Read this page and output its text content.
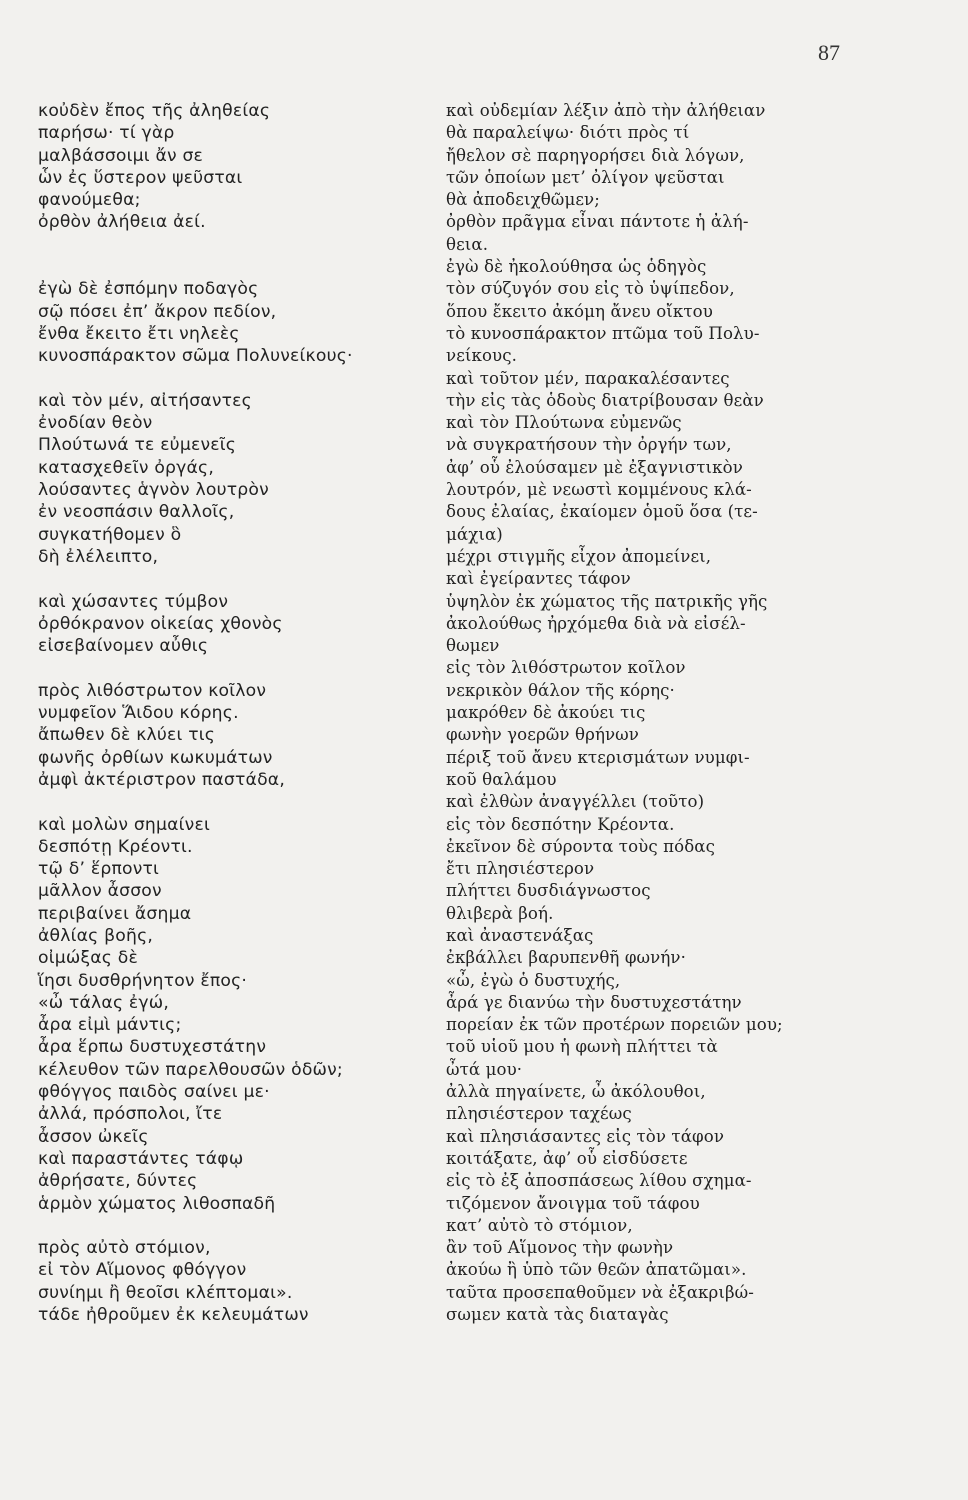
87
κοὐδὲν ἔπος τῆς ἀληθείας
παρήσω· τί γὰρ
μαλβάσσοιμι ἄν σε
ὧν ἐς ὕστερον ψεῦσται
φανούμεθα;
ὀρθὸν ἀλήθεια ἀεί.
ἐγὼ δὲ ἐσπόμην ποδαγὸς
σῷ πόσει ἐπ’ ἄκρον πεδίον,
ἔνθα ἔκειτο ἔτι νηλεὲς
κυνοσπάρακτον σῶμα Πολυνείκους·
καὶ τὸν μέν, αἰτήσαντες
ἐνοδίαν θεὸν
Πλούτωνά τε εὐμενεῖς
κατασχεθεῖν ὀργάς,
λούσαντες ἁγνὸν λουτρὸν
ἐν νεοσπάσιν θαλλοῖς,
συγκατήθομεν ὃ
δὴ ἐλέλειπτο,
καὶ χώσαντες τύμβον
ὀρθόκρανον οἰκείας χθονὸς
εἰσεβαίνομεν αὖθις
πρὸς λιθόστρωτον κοῖλον
νυμφεῖον Ἅιδου κόρης.
ἄπωθεν δὲ κλύει τις
φωνῆς ὀρθίων κωκυμάτων
ἀμφὶ ἀκτέριστρον παστάδα,
καὶ μολὼν σημαίνει
δεσπότῃ Κρέοντι.
τῷ δ’ ἕρποντι
μᾶλλον ἆσσον
περιβαίνει ἄσημα
ἀθλίας βοῆς,
οἰμώξας δὲ
ἵησι δυσθρήνητον ἔπος·
«ὦ τάλας ἐγώ,
ἆρα εἰμὶ μάντις;
ἆρα ἕρπω δυστυχεστάτην
κέλευθον τῶν παρελθουσῶν ὁδῶν;
φθόγγος παιδὸς σαίνει με·
ἀλλά, πρόσπολοι, ἴτε
ἆσσον ὠκεῖς
καὶ παραστάντες τάφῳ
ἀθρήσατε, δύντες
ἁρμὸν χώματος λιθοσπαδῆ
πρὸς αὐτὸ στόμιον,
εἰ τὸν Αἵμονος φθόγγον
συνίημι ἢ θεοῖσι κλέπτομαι».
τάδε ἠθροῦμεν ἐκ κελευμάτων
καὶ οὐδεμίαν λέξιν ἀπὸ τὴν ἀλήθειαν
θὰ παραλείψω· διότι πρὸς τί
ἤθελον σὲ παρηγορήσει διὰ λόγων,
τῶν ὁποίων μετ’ ὀλίγον ψεῦσται
θὰ ἀποδειχθῶμεν;
ὀρθὸν πρᾶγμα εἶναι πάντοτε ἡ ἀλή-
θεια.
ἐγὼ δὲ ἠκολούθησα ὡς ὁδηγὸς
τὸν σύζυγόν σου εἰς τὸ ὑψίπεδον,
ὅπου ἔκειτο ἀκόμη ἄνευ οἴκτου
τὸ κυνοσπάρακτον πτῶμα τοῦ Πολυ-
νείκους.
καὶ τοῦτον μέν, παρακαλέσαντες
τὴν εἰς τὰς ὁδοὺς διατρίβουσαν θεὰν
καὶ τὸν Πλούτωνα εὐμενῶς
νὰ συγκρατήσουν τὴν ὀργήν των,
ἀφ’ οὗ ἐλούσαμεν μὲ ἐξαγνιστικὸν
λουτρόν, μὲ νεωστὶ κομμένους κλά-
δους ἐλαίας, ἐκαίομεν ὁμοῦ ὅσα (τε-
μάχια)
μέχρι στιγμῆς εἶχον ἀπομείνει,
καὶ ἐγείραντες τάφον
ὑψηλὸν ἐκ χώματος τῆς πατρικῆς γῆς
ἀκολούθως ἠρχόμεθα διὰ νὰ εἰσέλ-
θωμεν
εἰς τὸν λιθόστρωτον κοῖλον
νεκρικὸν θάλον τῆς κόρης·
μακρόθεν δὲ ἀκούει τις
φωνὴν γοερῶν θρήνων
πέριξ τοῦ ἄνευ κτερισμάτων νυμφι-
κοῦ θαλάμου
καὶ ἐλθὼν ἀναγγέλλει (τοῦτο)
εἰς τὸν δεσπότην Κρέοντα.
ἐκεῖνον δὲ σύροντα τοὺς πόδας
ἔτι πλησιέστερον
πλήττει δυσδιάγνωστος
θλιβερὰ βοή.
καὶ ἀναστενάξας
ἐκβάλλει βαρυπενθῆ φωνήν·
«ὦ, ἐγὼ ὁ δυστυχής,
ἆρά γε διανύω τὴν δυστυχεστάτην
πορείαν ἐκ τῶν προτέρων πορειῶν μου;
τοῦ υἱοῦ μου ἡ φωνὴ πλήττει τὰ
ὦτά μου·
ἀλλὰ πηγαίνετε, ὦ ἀκόλουθοι,
πλησιέστερον ταχέως
καὶ πλησιάσαντες εἰς τὸν τάφον
κοιτάξατε, ἀφ’ οὗ εἰσδύσετε
εἰς τὸ ἐξ ἀποσπάσεως λίθου σχημα-
τιζόμενον ἄνοιγμα τοῦ τάφου
κατ’ αὐτὸ τὸ στόμιον,
ἂν τοῦ Αἵμονος τὴν φωνὴν
ἀκούω ἢ ὑπὸ τῶν θεῶν ἀπατῶμαι».
ταῦτα προσεπαθοῦμεν νὰ ἐξακριβώ-
σωμεν κατὰ τὰς διαταγὰς
